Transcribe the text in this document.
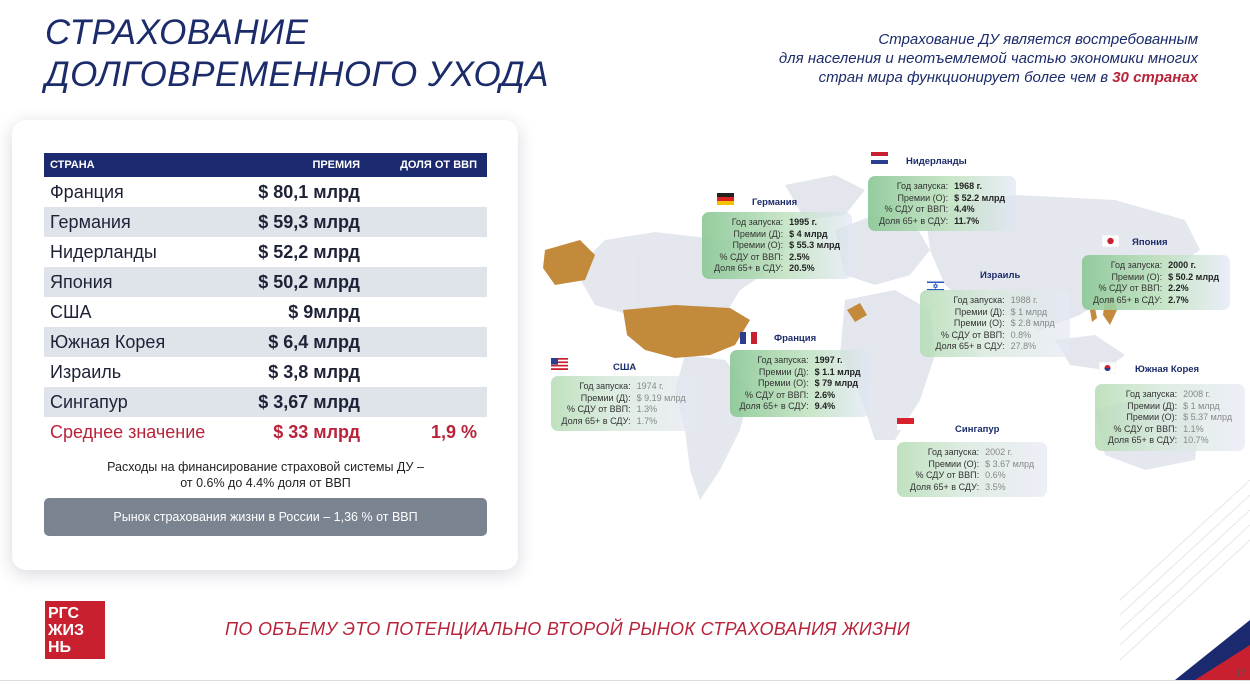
СТРАХОВАНИЕ
ДОЛГОВРЕМЕННОГО УХОДА
Страхование ДУ является востребованным
для населения и неотъемлемой частью экономики многих
стран мира функционирует более чем в 30 странах
СТРАНА	ПРЕМИЯ	ДОЛЯ ОТ ВВП
Франция	$ 80,1 млрд
Германия	$ 59,3 млрд
Нидерланды	$ 52,2 млрд
Япония	$ 50,2 млрд
США	$ 9млрд
Южная Корея	$ 6,4 млрд
Израиль	$ 3,8 млрд
Сингапур	$ 3,67 млрд
Среднее значение	$ 33 млрд	1,9 %
Расходы на финансирование страховой системы ДУ –
от 0.6% до 4.4% доля от ВВП
Рынок страхования жизни в России – 1,36 % от ВВП
США
Год запуска: 1974 г.
Премии (Д): $ 9.19 млрд
% СДУ от ВВП: 1.3%
Доля 65+ в СДУ: 1.7%
Германия
Год запуска: 1995 г.
Премии (Д): $ 4 млрд
Премии (О): $ 55.3 млрд
% СДУ от ВВП: 2.5%
Доля 65+ в СДУ: 20.5%
Нидерланды
Год запуска: 1968 г.
Премии (О): $ 52.2 млрд
% СДУ от ВВП: 4.4%
Доля 65+ в СДУ: 11.7%
Япония
Год запуска: 2000 г.
Премии (О): $ 50.2 млрд
% СДУ от ВВП: 2.2%
Доля 65+ в СДУ: 2.7%
Израиль
Год запуска: 1988 г.
Премии (Д): $ 1 млрд
Премии (О): $ 2.8 млрд
% СДУ от ВВП: 0.8%
Доля 65+ в СДУ: 27.8%
Франция
Год запуска: 1997 г.
Премии (Д): $ 1.1 млрд
Премии (О): $ 79 млрд
% СДУ от ВВП: 2.6%
Доля 65+ в СДУ: 9.4%
Южная Корея
Год запуска: 2008 г.
Премии (Д): $ 1 млрд
Премии (О): $ 5.37 млрд
% СДУ от ВВП: 1.1%
Доля 65+ в СДУ: 10.7%
Сингапур
Год запуска: 2002 г.
Премии (О): $ 3.67 млрд
% СДУ от ВВП: 0.6%
Доля 65+ в СДУ: 3.5%
РГС
ЖИЗ
НЬ
ПО ОБЪЕМУ ЭТО ПОТЕНЦИАЛЬНО ВТОРОЙ РЫНОК СТРАХОВАНИЯ ЖИЗНИ
17
